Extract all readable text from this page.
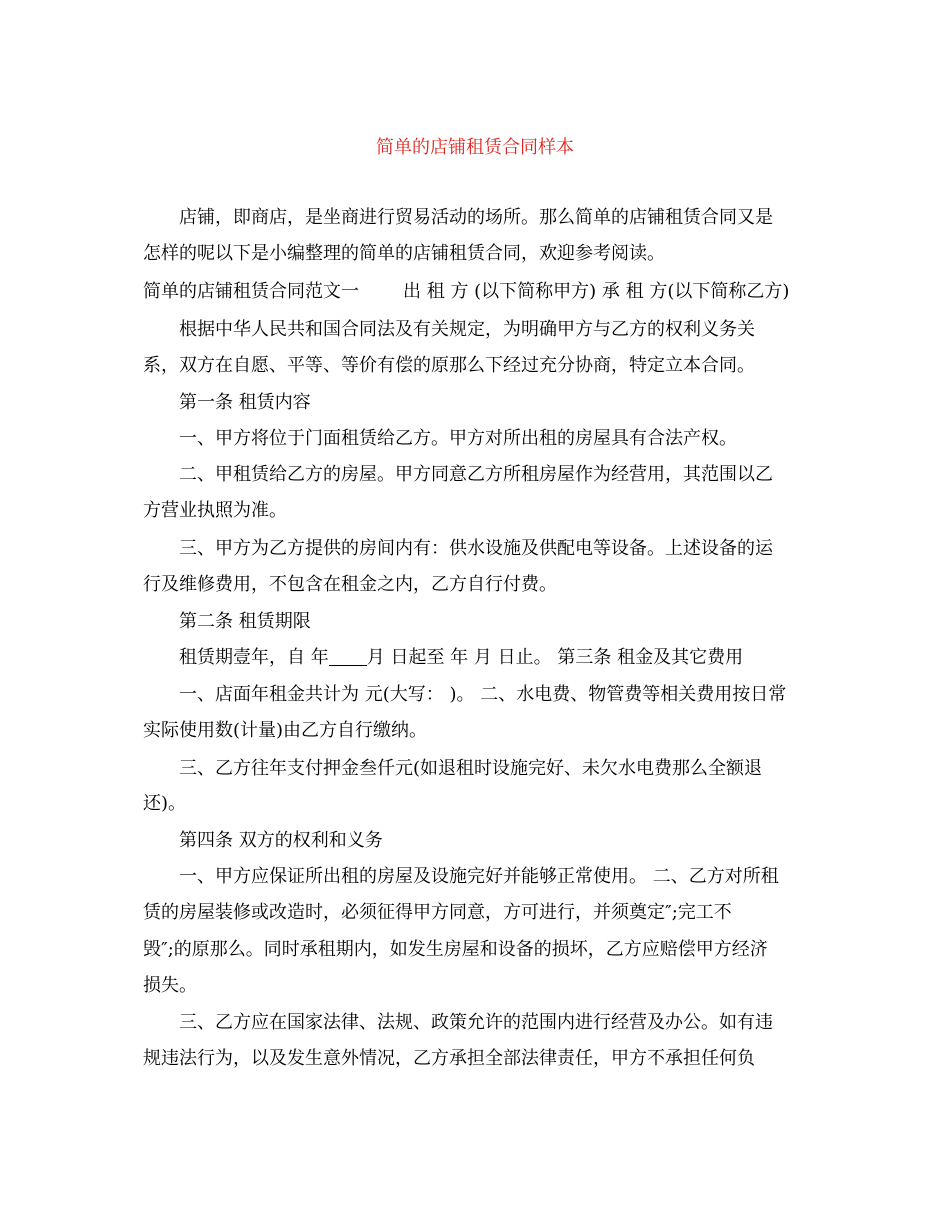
简单的店铺租赁合同样本
店铺，即商店，是坐商进行贸易活动的场所。那么简单的店铺租赁合同又是
怎样的呢以下是小编整理的简单的店铺租赁合同，欢迎参考阅读。
简单的店铺租赁合同范文一 出 租 方 (以下简称甲方) 承 租 方(以下简称乙方)
根据中华人民共和国合同法及有关规定，为明确甲方与乙方的权利义务关
系，双方在自愿、平等、等价有偿的原那么下经过充分协商，特定立本合同。
第一条 租赁内容
一、甲方将位于门面租赁给乙方。甲方对所出租的房屋具有合法产权。
二、甲租赁给乙方的房屋。甲方同意乙方所租房屋作为经营用，其范围以乙
方营业执照为准。
三、甲方为乙方提供的房间内有：供水设施及供配电等设备。上述设备的运
行及维修费用，不包含在租金之内，乙方自行付费。
第二条 租赁期限
租赁期壹年，自 年 月 日起至 年 月 日止。 第三条 租金及其它费用
一、店面年租金共计为 元(大写： )。 二、水电费、物管费等相关费用按日常
实际使用数(计量)由乙方自行缴纳。
三、乙方往年支付押金叁仟元(如退租时设施完好、未欠水电费那么全额退
还)。
第四条 双方的权利和义务
一、甲方应保证所出租的房屋及设施完好并能够正常使用。 二、乙方对所租
赁的房屋装修或改造时，必须征得甲方同意，方可进行，并须奠定″;完工不
毁″;的原那么。同时承租期内，如发生房屋和设备的损坏，乙方应赔偿甲方经济
损失。
三、乙方应在国家法律、法规、政策允许的范围内进行经营及办公。如有违
规违法行为，以及发生意外情况，乙方承担全部法律责任，甲方不承担任何负
